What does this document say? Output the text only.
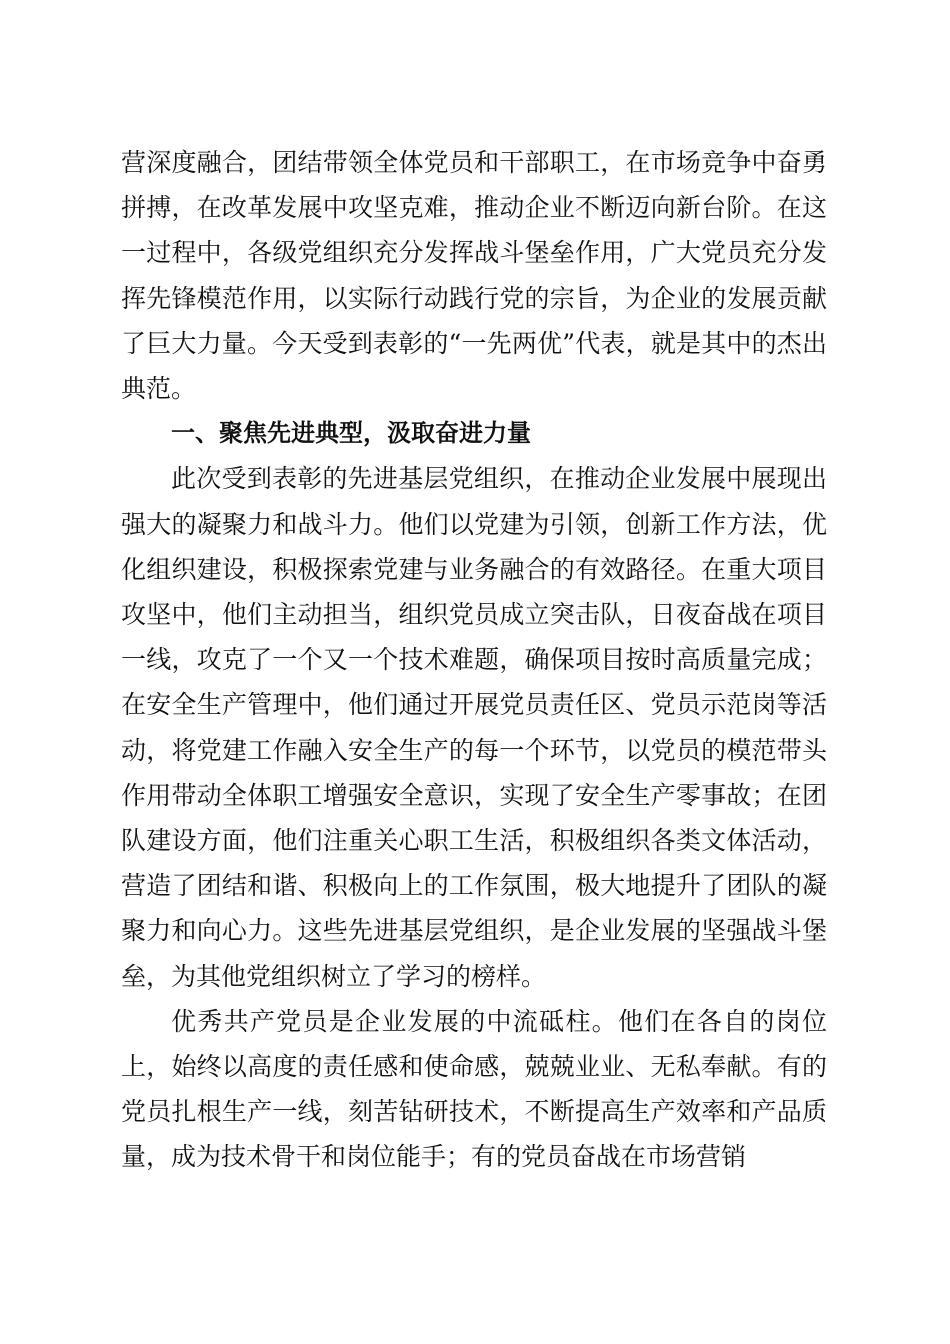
营深度融合，团结带领全体党员和干部职工，在市场竞争中奋勇拼搏，在改革发展中攻坚克难，推动企业不断迈向新台阶。在这一过程中，各级党组织充分发挥战斗堡垒作用，广大党员充分发挥先锋模范作用，以实际行动践行党的宗旨，为企业的发展贡献了巨大力量。今天受到表彰的“一先两优”代表，就是其中的杰出典范。

一、聚焦先进典型，汲取奋进力量

此次受到表彰的先进基层党组织，在推动企业发展中展现出强大的凝聚力和战斗力。他们以党建为引领，创新工作方法，优化组织建设，积极探索党建与业务融合的有效路径。在重大项目攻坚中，他们主动担当，组织党员成立突击队，日夜奋战在项目一线，攻克了一个又一个技术难题，确保项目按时高质量完成；在安全生产管理中，他们通过开展党员责任区、党员示范岗等活动，将党建工作融入安全生产的每一个环节，以党员的模范带头作用带动全体职工增强安全意识，实现了安全生产零事故；在团队建设方面，他们注重关心职工生活，积极组织各类文体活动，营造了团结和谐、积极向上的工作氛围，极大地提升了团队的凝聚力和向心力。这些先进基层党组织，是企业发展的坚强战斗堡垒，为其他党组织树立了学习的榜样。

优秀共产党员是企业发展的中流砥柱。他们在各自的岗位上，始终以高度的责任感和使命感，兢兢业业、无私奉献。有的党员扎根生产一线，刻苦钻研技术，不断提高生产效率和产品质量，成为技术骨干和岗位能手；有的党员奋战在市场营销
